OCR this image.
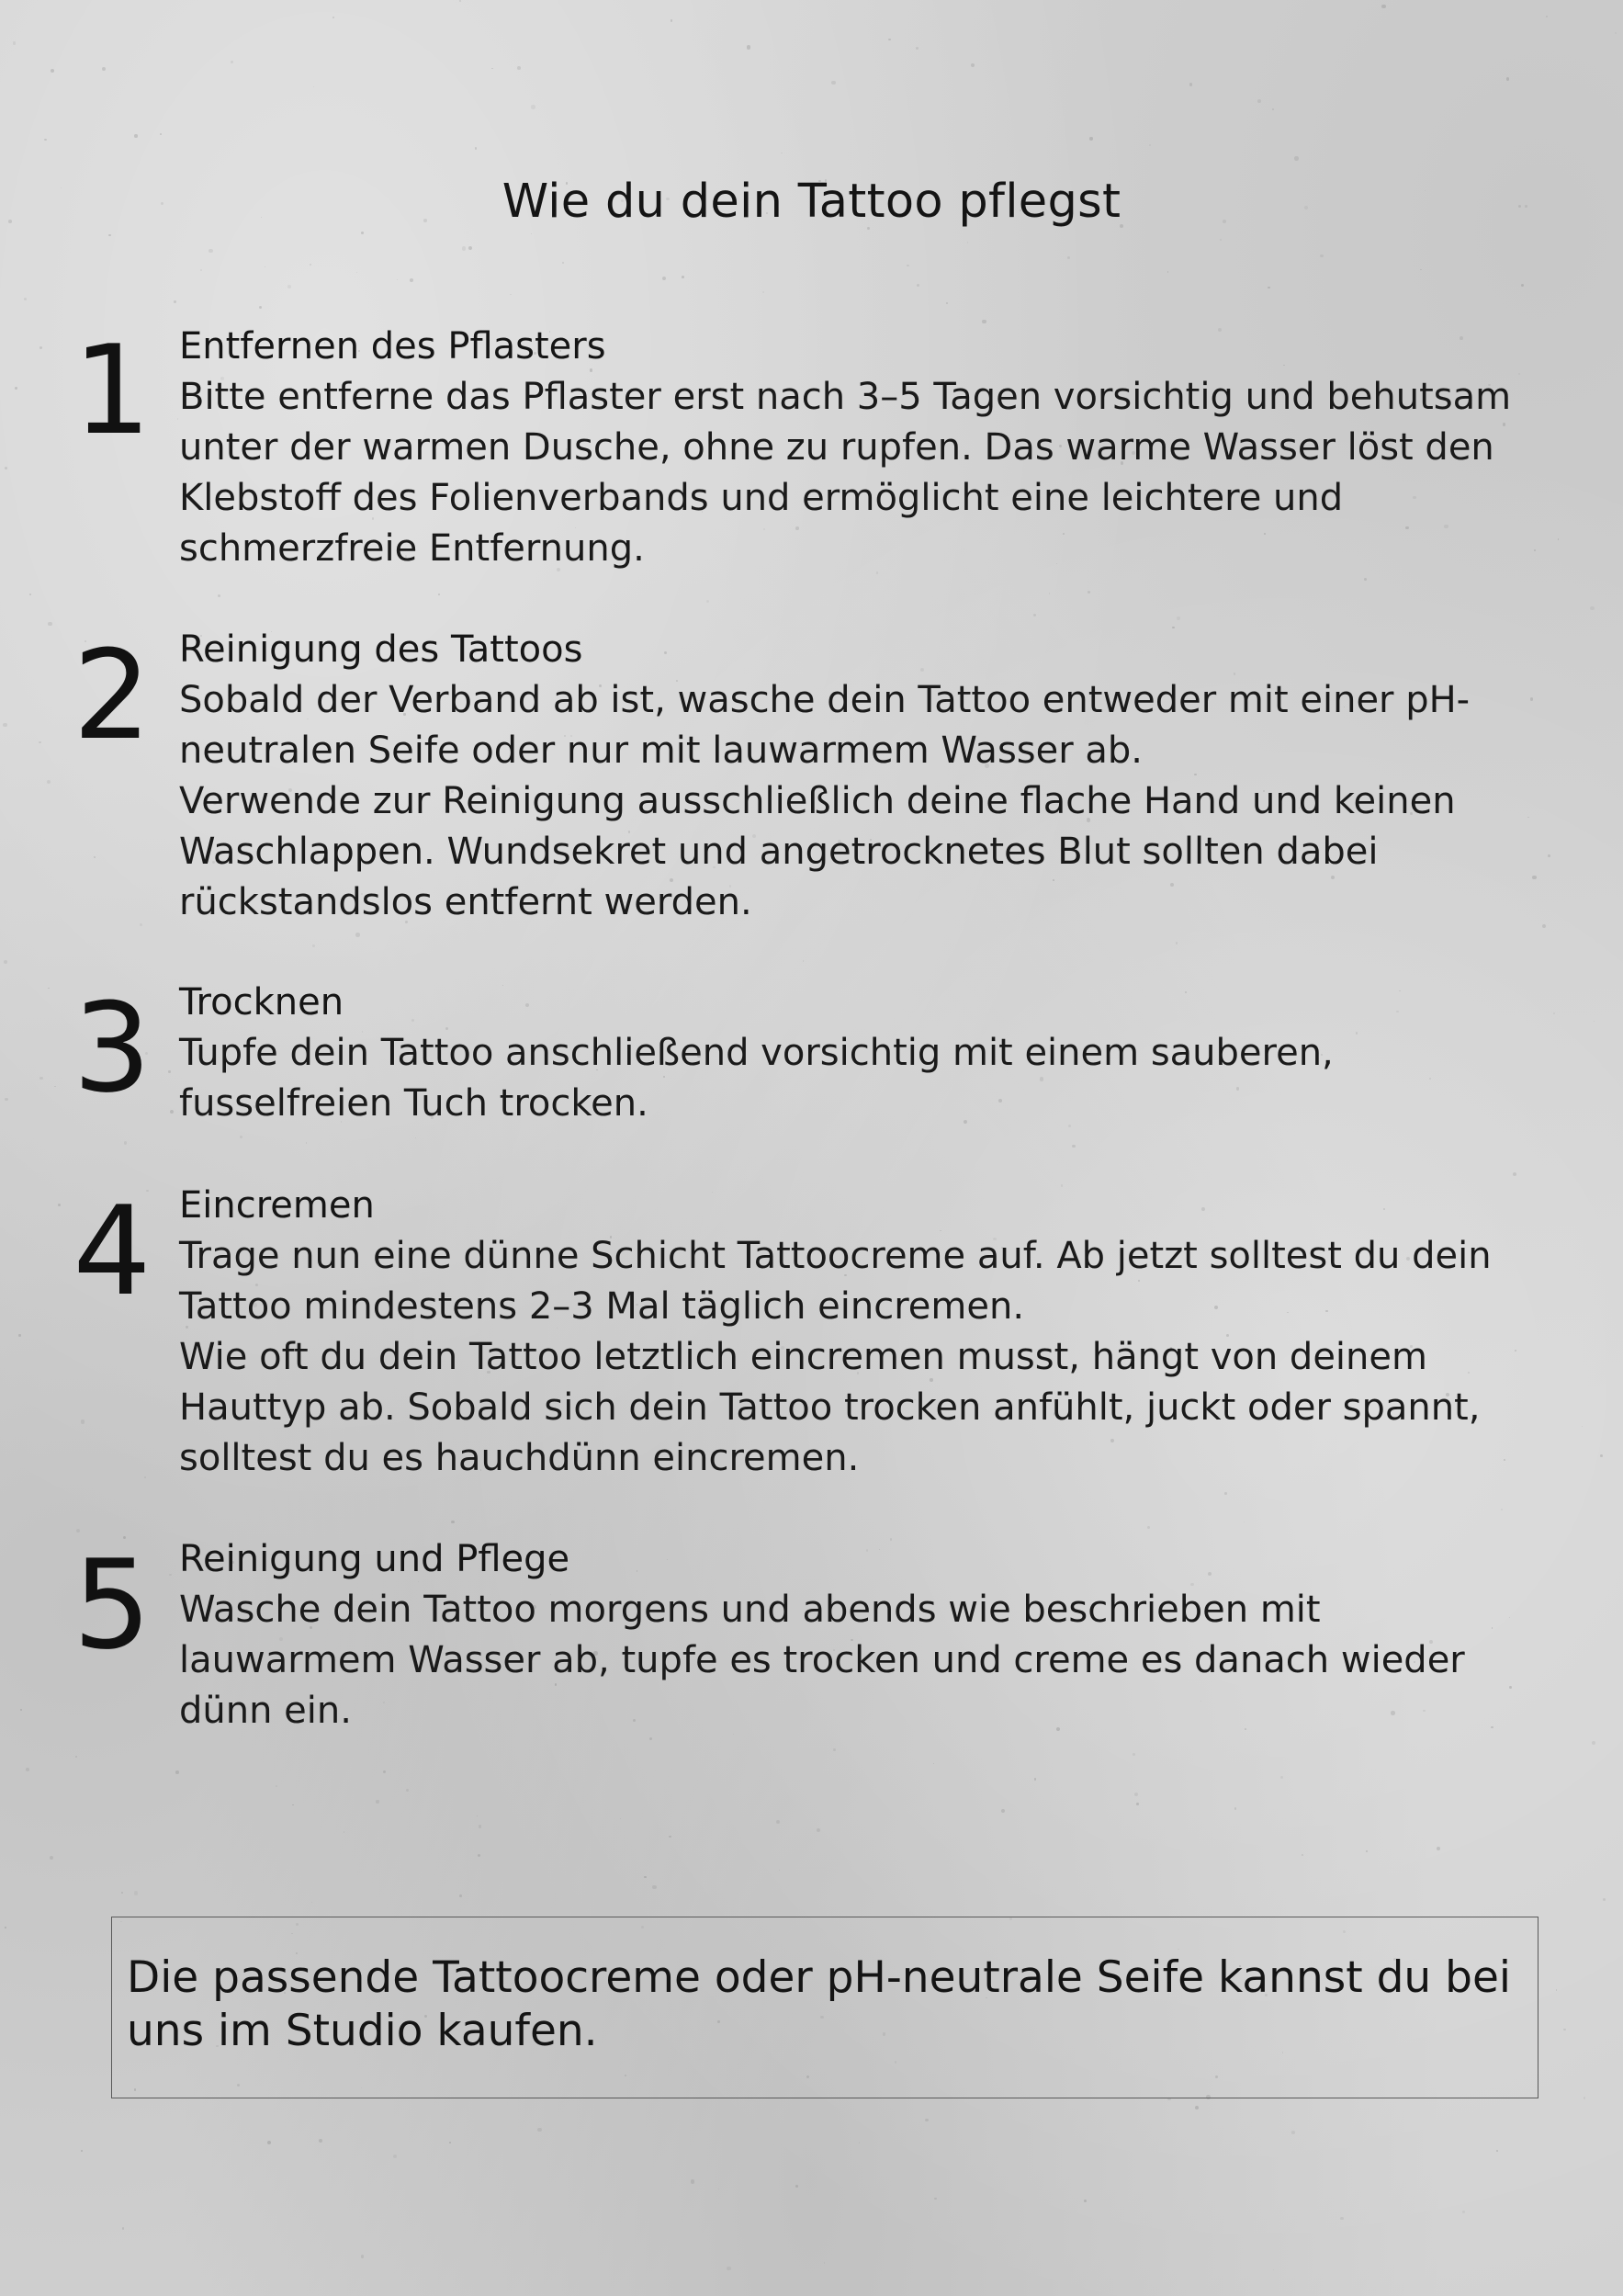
Wie du dein Tattoo pflegst
1 Entfernen des Pflasters

Bitte entferne das Pflaster erst nach 3–5 Tagen vorsichtig und behutsam unter der warmen Dusche, ohne zu rupfen. Das warme Wasser löst den Klebstoff des Folienverbands und ermöglicht eine leichtere und schmerzfreie Entfernung.

2 Reinigung des Tattoos

Sobald der Verband ab ist, wasche dein Tattoo entweder mit einer pH-neutralen Seife oder nur mit lauwarmem Wasser ab.

Verwende zur Reinigung ausschließlich deine flache Hand und keinen Waschlappen. Wundsekret und angetrocknetes Blut sollten dabei rückstandslos entfernt werden.

3 Trocknen

Tupfe dein Tattoo anschließend vorsichtig mit einem sauberen, fusselfreien Tuch trocken.

4 Eincremen

Trage nun eine dünne Schicht Tattoocreme auf. Ab jetzt solltest du dein Tattoo mindestens 2–3 Mal täglich eincremen.

Wie oft du dein Tattoo letztlich eincremen musst, hängt von deinem Hauttyp ab. Sobald sich dein Tattoo trocken anfühlt, juckt oder spannt, solltest du es hauchdünn eincremen.

5 Reinigung und Pflege

Wasche dein Tattoo morgens und abends wie beschrieben mit lauwarmem Wasser ab, tupfe es trocken und creme es danach wieder dünn ein.

Die passende Tattoocreme oder pH-neutrale Seife kannst du bei uns im Studio kaufen.
